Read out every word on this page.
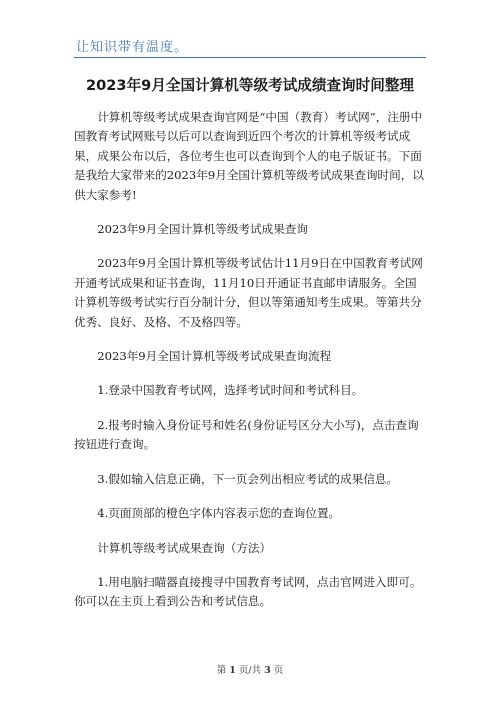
让知识带有温度。
2023年9月全国计算机等级考试成绩查询时间整理

计算机等级考试成果查询官网是“中国（教育）考试网”，注册中国教育考试网账号以后可以查询到近四个考次的计算机等级考试成果，成果公布以后，各位考生也可以查询到个人的电子版证书。下面是我给大家带来的2023年9月全国计算机等级考试成果查询时间，以供大家参考!

2023年9月全国计算机等级考试成果查询

2023年9月全国计算机等级考试估计11月9日在中国教育考试网开通考试成果和证书查询，11月10日开通证书直邮申请服务。全国计算机等级考试实行百分制计分，但以等第通知考生成果。等第共分优秀、良好、及格、不及格四等。

2023年9月全国计算机等级考试成果查询流程

1.登录中国教育考试网，选择考试时间和考试科目。

2.报考时输入身份证号和姓名(身份证号区分大小写)，点击查询按钮进行查询。

3.假如输入信息正确，下一页会列出相应考试的成果信息。

4.页面顶部的橙色字体内容表示您的查询位置。

计算机等级考试成果查询（方法）

1.用电脑扫瞄器直接搜寻中国教育考试网，点击官网进入即可。你可以在主页上看到公告和考试信息。

第 1 页/共 3 页
